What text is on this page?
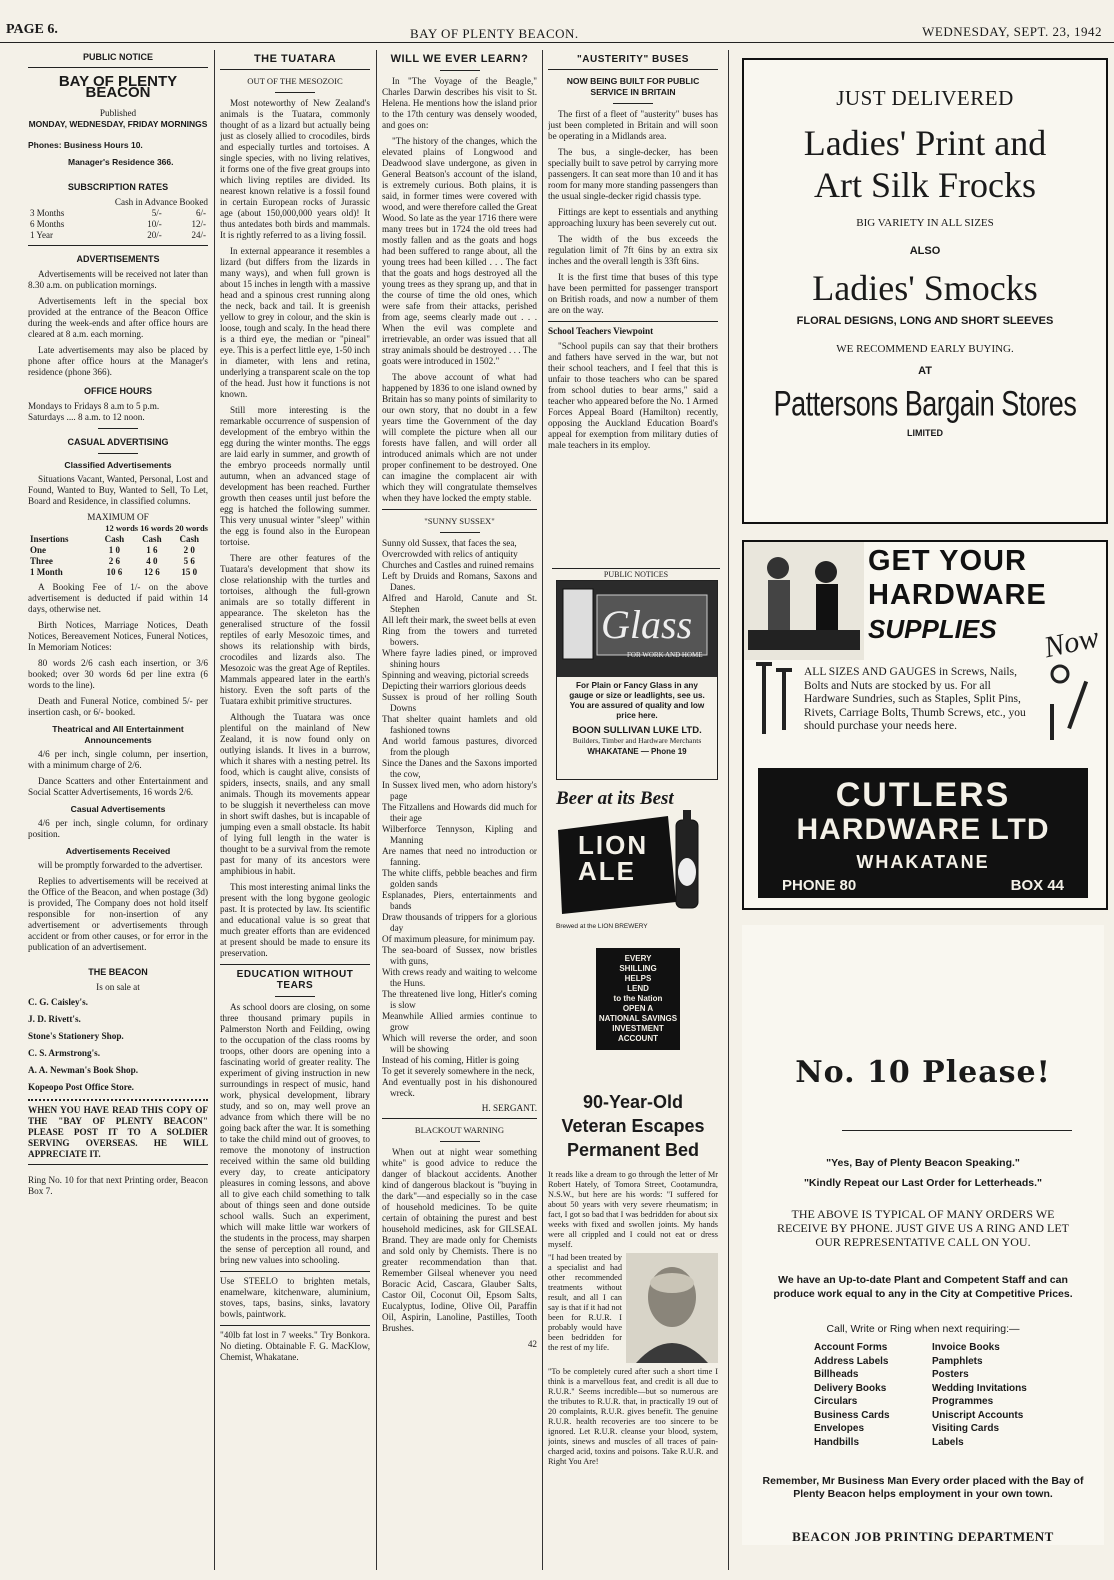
PAGE 6.	BAY OF PLENTY BEACON.	WEDNESDAY, SEPT. 23, 1942
PUBLIC NOTICE
BAY OF PLENTY BEACON
Published
MONDAY, WEDNESDAY, FRIDAY MORNINGS
Phones: Business Hours 10.
Manager's Residence 366.
SUBSCRIPTION RATES
Cash in Advance Booked
3 Months	5/-	6/-
6 Months	10/-	12/-
1 Year	20/-	24/-
ADVERTISEMENTS

Advertisements will be received not later than 8.30 a.m. on publication mornings.

Advertisements left in the special box provided at the entrance of the Beacon Office during the week-ends and after office hours are cleared at 8 a.m. each morning.

Late advertisements may also be placed by phone after office hours at the Manager's residence (phone 366).

OFFICE HOURS
Mondays to Fridays 8 a.m to 5 p.m.
Saturdays .... 8 a.m. to 12 noon.
CASUAL ADVERTISING
Classified Advertisements

Situations Vacant, Wanted, Personal, Lost and Found, Wanted to Buy, Wanted to Sell, To Let, Board and Residence, in classified columns.

MAXIMUM OF
12 words 16 words 20 words
Insertions	Cash	Cash	Cash
One	1 0	1 6	2 0
Three	2 6	4 0	5 6
1 Month	10 6	12 6	15 0

A Booking Fee of 1/- on the above advertisement is deducted if paid within 14 days, otherwise net.

Birth Notices, Marriage Notices, Death Notices, Bereavement Notices, Funeral Notices, In Memoriam Notices:

80 words 2/6 cash each insertion, or 3/6 booked; over 30 words 6d per line extra (6 words to the line).

Death and Funeral Notice, combined 5/- per insertion cash, or 6/- booked.

Theatrical and All Entertainment Announcements

4/6 per inch, single column, per insertion, with a minimum charge of 2/6.

Dance Scatters and other Entertainment and Social Scatter Advertisements, 16 words 2/6.

Casual Advertisements

4/6 per inch, single column, for ordinary position.

Advertisements Received

will be promptly forwarded to the advertiser.

Replies to advertisements will be received at the Office of the Beacon, and when postage (3d) is provided, The Company does not hold itself responsible for non-insertion of any advertisement or advertisements through accident or from other causes, or for error in the publication of an advertisement.

THE BEACON
Is on sale at
C. G. Caisley's.
J. D. Rivett's.
Stone's Stationery Shop.
C. S. Armstrong's.
A. A. Newman's Book Shop.
Kopeopo Post Office Store.
WHEN YOU HAVE READ THIS COPY OF THE "BAY OF PLENTY BEACON" PLEASE POST IT TO A SOLDIER SERVING OVERSEAS. HE WILL APPRECIATE IT.
Ring No. 10 for that next Printing order, Beacon Box 7.
THE TUATARA
OUT OF THE MESOZOIC

Most noteworthy of New Zealand's animals is the Tuatara, commonly thought of as a lizard but actually being just as closely allied to crocodiles, birds and especially turtles and tortoises. A single species, with no living relatives, it forms one of the five great groups into which living reptiles are divided. Its nearest known relative is a fossil found in certain European rocks of Jurassic age (about 150,000,000 years old)! It thus antedates both birds and mammals. It is rightly referred to as a living fossil.

In external appearance it resembles a lizard (but differs from the lizards in many ways), and when full grown is about 15 inches in length with a massive head and a spinous crest running along the neck, back and tail. It is greenish yellow to grey in colour, and the skin is loose, tough and scaly. In the head there is a third eye, the median or "pineal" eye. This is a perfect little eye, 1-50 inch in diameter, with lens and retina, underlying a transparent scale on the top of the head. Just how it functions is not known.

Still more interesting is the remarkable occurrence of suspension of development of the embryo within the egg during the winter months. The eggs are laid early in summer, and growth of the embryo proceeds normally until autumn, when an advanced stage of development has been reached. Further growth then ceases until just before the egg is hatched the following summer. This very unusual winter "sleep" within the egg is found also in the European tortoise.

There are other features of the Tuatara's development that show its close relationship with the turtles and tortoises, although the full-grown animals are so totally different in appearance. The skeleton has the generalised structure of the fossil reptiles of early Mesozoic times, and shows its relationship with birds, crocodiles and lizards also. The Mesozoic was the great Age of Reptiles. Mammals appeared later in the earth's history. Even the soft parts of the Tuatara exhibit primitive structures.

Although the Tuatara was once plentiful on the mainland of New Zealand, it is now found only on outlying islands. It lives in a burrow, which it shares with a nesting petrel. Its food, which is caught alive, consists of spiders, insects, snails, and any small animals. Though its movements appear to be sluggish it nevertheless can move in short swift dashes, but is incapable of jumping even a small obstacle. Its habit of lying full length in the water is thought to be a survival from the remote past for many of its ancestors were amphibious in habit.

This most interesting animal links the present with the long bygone geologic past. It is protected by law. Its scientific and educational value is so great that much greater efforts than are evidenced at present should be made to ensure its preservation.

EDUCATION WITHOUT TEARS

As school doors are closing, on some three thousand primary pupils in Palmerston North and Feilding, owing to the occupation of the class rooms by troops, other doors are opening into a fascinating world of greater reality. The experiment of giving instruction in new surroundings in respect of music, hand work, physical development, library study, and so on, may well prove an advance from which there will be no going back after the war. It is something to take the child mind out of grooves, to remove the monotony of instruction received within the same old building every day, to create anticipatory pleasures in coming lessons, and above all to give each child something to talk about of things seen and done outside school walls. Such an experiment, which will make little war workers of the students in the process, may sharpen the sense of perception all round, and bring new values into schooling.

Use STEELO to brighten metals, enamelware, kitchenware, aluminium, stoves, taps, basins, sinks, lavatory bowls, paintwork.

"40lb fat lost in 7 weeks." Try Bonkora. No dieting. Obtainable F. G. MacKlow, Chemist, Whakatane.

WILL WE EVER LEARN?

In "The Voyage of the Beagle," Charles Darwin describes his visit to St. Helena. He mentions how the island prior to the 17th century was densely wooded, and goes on:

"The history of the changes, which the elevated plains of Longwood and Deadwood slave undergone, as given in General Beatson's account of the island, is extremely curious. Both plains, it is said, in former times were covered with wood, and were therefore called the Great Wood. So late as the year 1716 there were many trees but in 1724 the old trees had mostly fallen and as the goats and hogs had been suffered to range about, all the young trees had been killed . . . The fact that the goats and hogs destroyed all the young trees as they sprang up, and that in the course of time the old ones, which were safe from their attacks, perished from age, seems clearly made out . . . When the evil was complete and irretrievable, an order was issued that all stray animals should be destroyed . . . The goats were introduced in 1502."

The above account of what had happened by 1836 to one island owned by Britain has so many points of similarity to our own story, that no doubt in a few years time the Government of the day will complete the picture when all our forests have fallen, and will order all introduced animals which are not under proper confinement to be destroyed. One can imagine the complacent air with which they will congratulate themselves when they have locked the empty stable.

"SUNNY SUSSEX"
Sunny old Sussex, that faces the sea,
Overcrowded with relics of antiquity
Churches and Castles and ruined remains
Left by Druids and Romans, Saxons and Danes.
Alfred and Harold, Canute and St. Stephen
All left their mark, the sweet bells at even
Ring from the towers and turreted bowers.
Where fayre ladies pined, or improved shining hours
Spinning and weaving, pictorial screeds
Depicting their warriors glorious deeds
Sussex is proud of her rolling South Downs
That shelter quaint hamlets and old fashioned towns
And world famous pastures, divorced from the plough
Since the Danes and the Saxons imported the cow,
In Sussex lived men, who adorn history's page
The Fitzallens and Howards did much for their age
Wilberforce Tennyson, Kipling and Manning
Are names that need no introduction or fanning.
The white cliffs, pebble beaches and firm golden sands
Esplanades, Piers, entertainments and bands
Draw thousands of trippers for a glorious day
Of maximum pleasure, for minimum pay.
The sea-board of Sussex, now bristles with guns,
With crews ready and waiting to welcome the Huns.
The threatened live long, Hitler's coming is slow
Meanwhile Allied armies continue to grow
Which will reverse the order, and soon will be showing
Instead of his coming, Hitler is going
To get it severely somewhere in the neck,
And eventually post in his dishonoured wreck.
H. SERGANT.
BLACKOUT WARNING

When out at night wear something white" is good advice to reduce the danger of blackout accidents. Another kind of dangerous blackout is "buying in the dark"—and especially so in the case of household medicines. To be quite certain of obtaining the purest and best household medicines, ask for GILSEAL Brand. They are made only for Chemists and sold only by Chemists. There is no greater recommendation than that. Remember Gilseal whenever you need Boracic Acid, Cascara, Glauber Salts, Castor Oil, Coconut Oil, Epsom Salts, Eucalyptus, Iodine, Olive Oil, Paraffin Oil, Aspirin, Lanoline, Pastilles, Tooth Brushes.

42
"AUSTERITY" BUSES
NOW BEING BUILT FOR PUBLIC SERVICE IN BRITAIN

The first of a fleet of "austerity" buses has just been completed in Britain and will soon be operating in a Midlands area.

The bus, a single-decker, has been specially built to save petrol by carrying more passengers. It can seat more than 10 and it has room for many more standing passengers than the usual single-decker rigid chassis type.

Fittings are kept to essentials and anything approaching luxury has been severely cut out.

The width of the bus exceeds the regulation limit of 7ft 6ins by an extra six inches and the overall length is 33ft 6ins.

It is the first time that buses of this type have been permitted for passenger transport on British roads, and now a number of them are on the way.

School Teachers Viewpoint

"School pupils can say that their brothers and fathers have served in the war, but not their school teachers, and I feel that this is unfair to those teachers who can be spared from school duties to bear arms," said a teacher who appeared before the No. 1 Armed Forces Appeal Board (Hamilton) recently, opposing the Auckland Education Board's appeal for exemption from military duties of male teachers in its employ.

PUBLIC NOTICES
Glass
FOR WORK AND HOME
For Plain or Fancy Glass in any gauge or size or leadlights, see us. You are assured of quality and low price here.
BOON SULLIVAN LUKE LTD.
Builders, Timber and Hardware Merchants
WHAKATANE — Phone 19
Beer at its Best
LION ALE
Brewed at the LION BREWERY
EVERY
SHILLING
HELPS
LEND
to the Nation
OPEN A
NATIONAL SAVINGS
INVESTMENT ACCOUNT
90-Year-Old Veteran Escapes Permanent Bed
It reads like a dream to go through the letter of Mr Robert Hately, of Tomora Street, Cootamundra, N.S.W., but here are his words: "I suffered for about 50 years with very severe rheumatism; in fact, I got so bad that I was bedridden for about six weeks with fixed and swollen joints. My hands were all crippled and I could not eat or dress myself.
"I had been treated by a specialist and had other recommended treatments without result, and all I can say is that if it had not been for R.U.R. I probably would have been bedridden for the rest of my life.
"To be completely cured after such a short time I think is a marvellous feat, and credit is all due to R.U.R." Seems incredible—but so numerous are the tributes to R.U.R. that, in practically 19 out of 20 complaints, R.U.R. gives benefit. The genuine R.U.R. health recoveries are too sincere to be ignored. Let R.U.R. cleanse your blood, system, joints, sinews and muscles of all traces of pain-charged acid, toxins and poisons. Take R.U.R. and Right You Are!
JUST DELIVERED
Ladies' Print and
Art Silk Frocks
BIG VARIETY IN ALL SIZES
ALSO
Ladies' Smocks
FLORAL DESIGNS, LONG AND SHORT SLEEVES
WE RECOMMEND EARLY BUYING.
AT
Pattersons Bargain Stores
LIMITED
GET YOUR
HARDWARE
SUPPLIES Now
ALL SIZES AND GAUGES in Screws, Nails, Bolts and Nuts are stocked by us. For all Hardware Sundries, such as Staples, Split Pins, Rivets, Carriage Bolts, Thumb Screws, etc., you should purchase your needs here.
CUTLERS
HARDWARE LTD
WHAKATANE
PHONE 80	BOX 44
No. 10 Please!
"Yes, Bay of Plenty Beacon Speaking."
"Kindly Repeat our Last Order for Letterheads."
THE ABOVE IS TYPICAL OF MANY ORDERS WE RECEIVE BY PHONE. JUST GIVE US A RING AND LET OUR REPRESENTATIVE CALL ON YOU.
We have an Up-to-date Plant and Competent Staff and can produce work equal to any in the City at Competitive Prices.
Call, Write or Ring when next requiring:—
Account Forms
Address Labels
Billheads
Delivery Books
Circulars
Business Cards
Envelopes
Handbills
Invoice Books
Pamphlets
Posters
Wedding Invitations
Programmes
Uniscript Accounts
Visiting Cards
Labels
Remember, Mr Business Man Every order placed with the Bay of Plenty Beacon helps employment in your own town.
BEACON JOB PRINTING DEPARTMENT
